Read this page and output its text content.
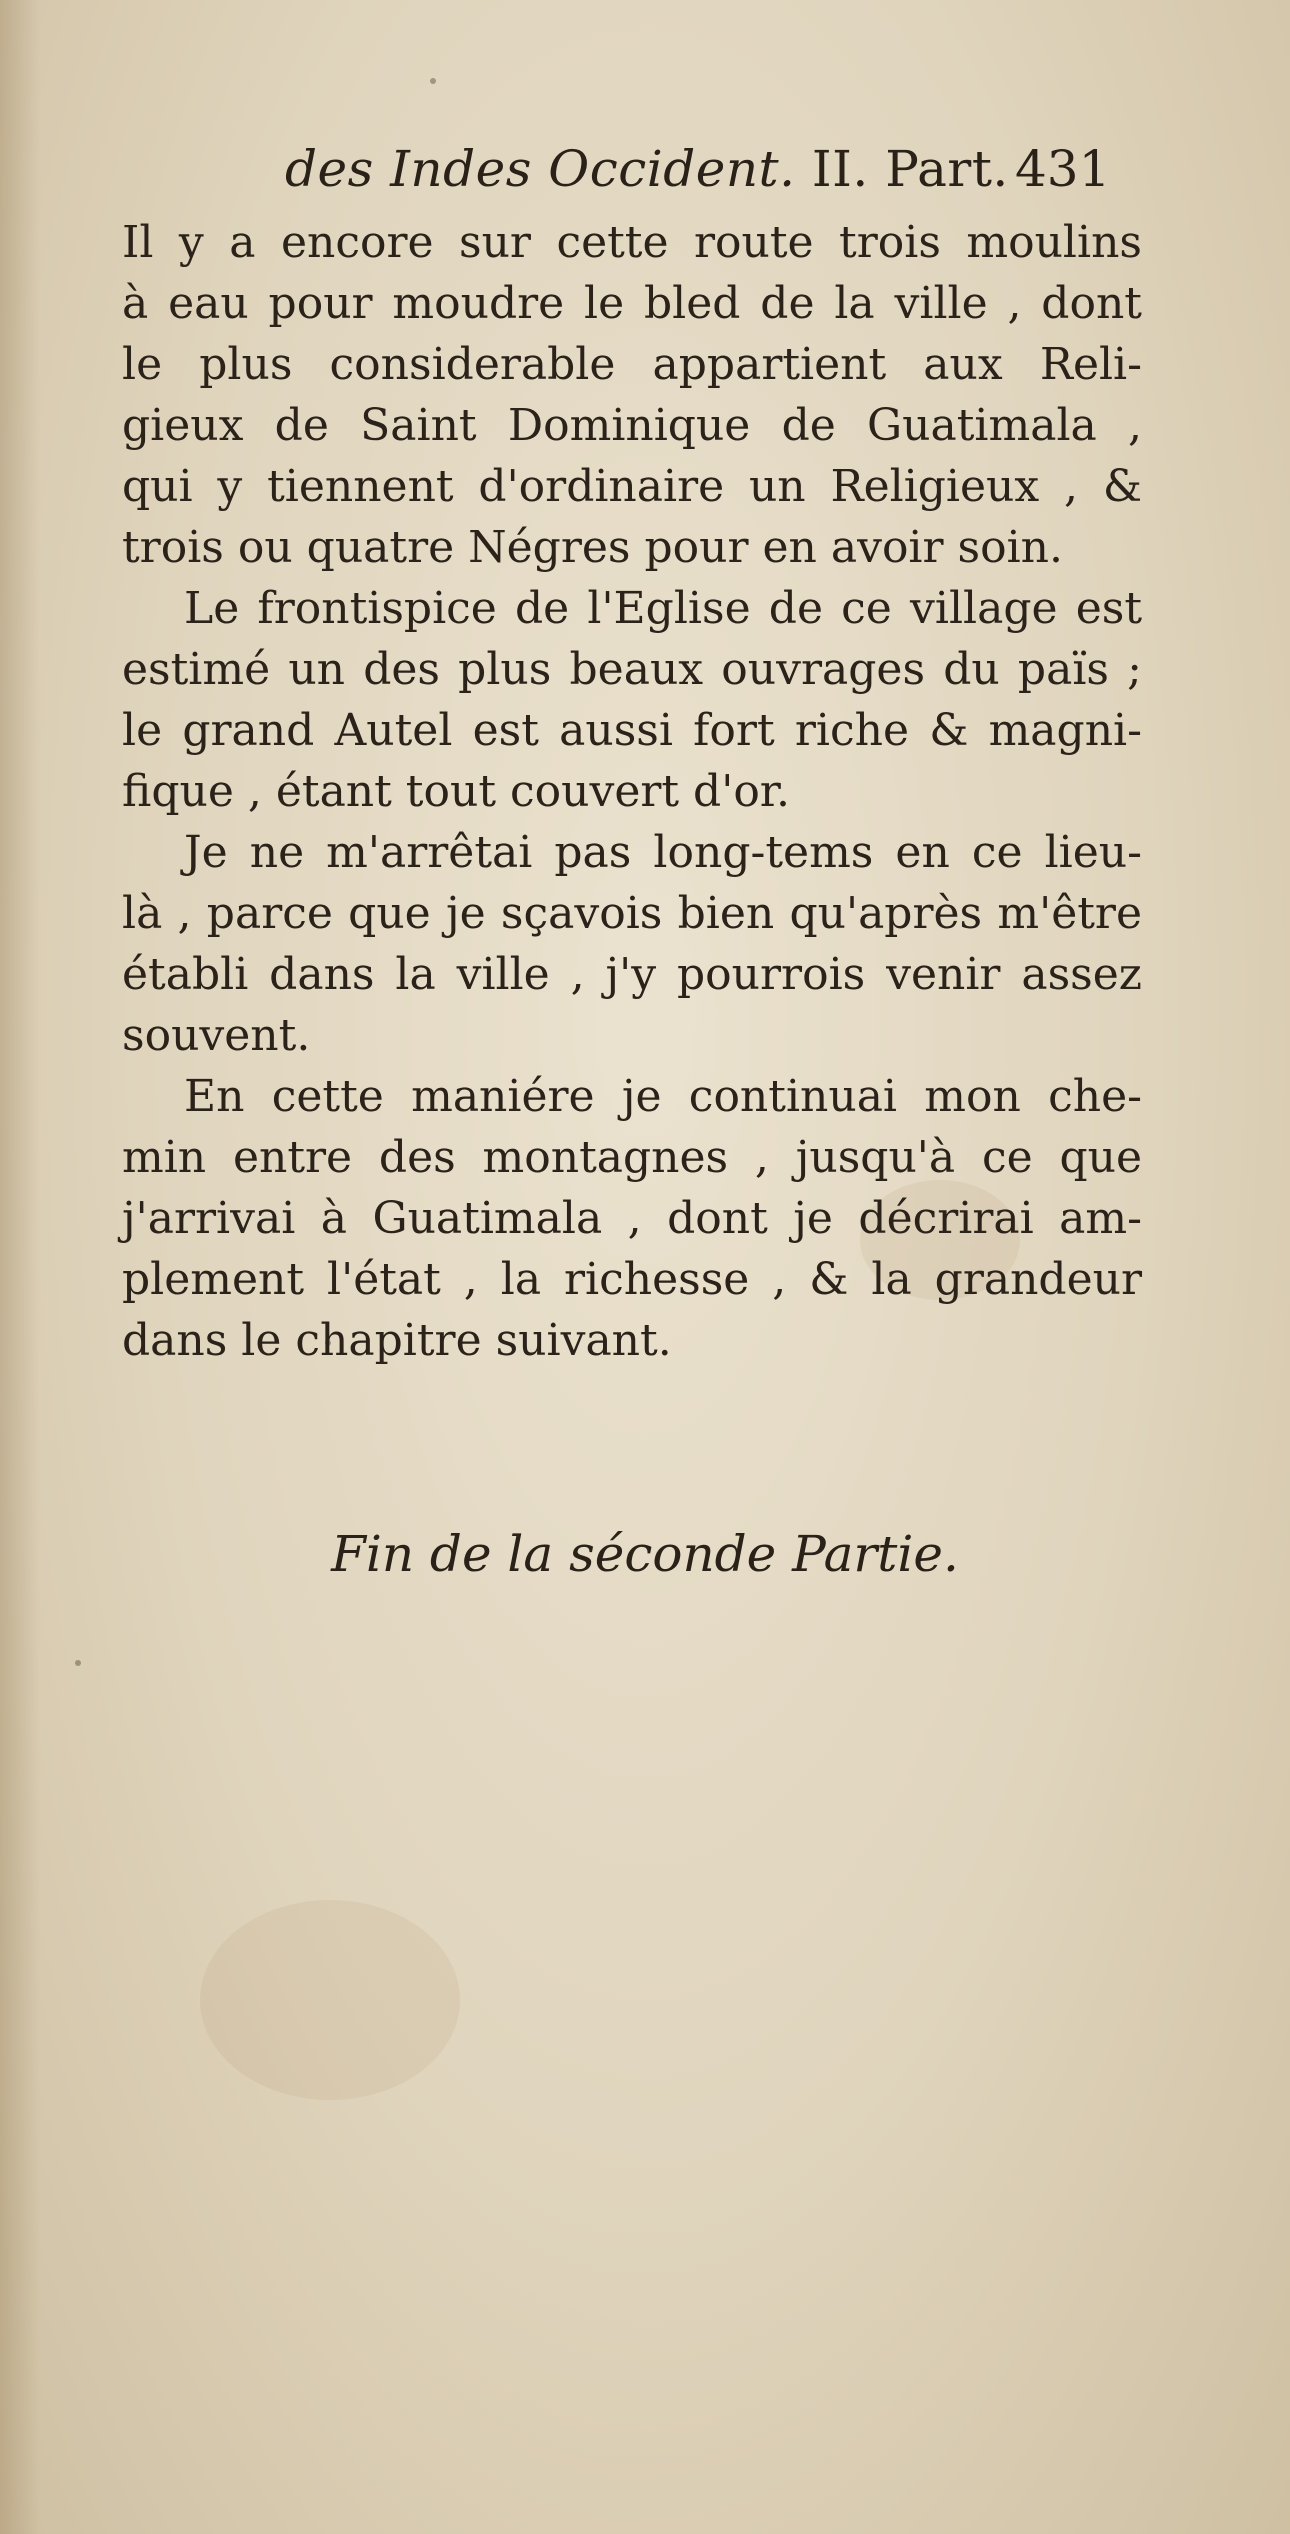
des Indes Occident. II. Part. 431
Il y a encore sur cette route trois moulins
à eau pour moudre le bled de la ville , dont
le plus considerable appartient aux Reli-
gieux de Saint Dominique de Guatimala ,
qui y tiennent d'ordinaire un Religieux , &
trois ou quatre Négres pour en avoir soin.
Le frontispice de l'Eglise de ce village est
estimé un des plus beaux ouvrages du païs ;
le grand Autel est aussi fort riche & magni-
fique , étant tout couvert d'or.
Je ne m'arrêtai pas long-tems en ce lieu-
là , parce que je sçavois bien qu'après m'être
établi dans la ville , j'y pourrois venir assez
souvent.
En cette maniére je continuai mon che-
min entre des montagnes , jusqu'à ce que
j'arrivai à Guatimala , dont je décrirai am-
plement l'état , la richesse , & la grandeur
dans le chapitre suivant.
Fin de la séconde Partie.
